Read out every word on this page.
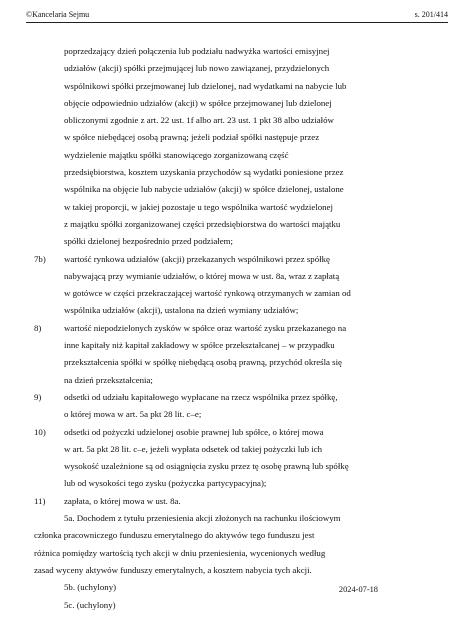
©Kancelaria Sejmu	s. 201/414
poprzedzający dzień połączenia lub podziału nadwyżka wartości emisyjnej
udziałów (akcji) spółki przejmującej lub nowo zawiązanej, przydzielonych
wspólnikowi spółki przejmowanej lub dzielonej, nad wydatkami na nabycie lub
objęcie odpowiednio udziałów (akcji) w spółce przejmowanej lub dzielonej
obliczonymi zgodnie z art. 22 ust. 1f albo art. 23 ust. 1 pkt 38 albo udziałów
w spółce niebędącej osobą prawną; jeżeli podział spółki następuje przez
wydzielenie majątku spółki stanowiącego zorganizowaną część
przedsiębiorstwa, kosztem uzyskania przychodów są wydatki poniesione przez
wspólnika na objęcie lub nabycie udziałów (akcji) w spółce dzielonej, ustalone
w takiej proporcji, w jakiej pozostaje u tego wspólnika wartość wydzielonej
z majątku spółki zorganizowanej części przedsiębiorstwa do wartości majątku
spółki dzielonej bezpośrednio przed podziałem;
7b)	wartość rynkowa udziałów (akcji) przekazanych wspólnikowi przez spółkę
nabywającą przy wymianie udziałów, o której mowa w ust. 8a, wraz z zapłatą
w gotówce w części przekraczającej wartość rynkową otrzymanych w zamian od
wspólnika udziałów (akcji), ustalona na dzień wymiany udziałów;
8)	wartość niepodzielonych zysków w spółce oraz wartość zysku przekazanego na
inne kapitały niż kapitał zakładowy w spółce przekształcanej – w przypadku
przekształcenia spółki w spółkę niebędącą osobą prawną, przychód określa się
na dzień przekształcenia;
9)	odsetki od udziału kapitałowego wypłacane na rzecz wspólnika przez spółkę,
o której mowa w art. 5a pkt 28 lit. c–e;
10)	odsetki od pożyczki udzielonej osobie prawnej lub spółce, o której mowa
w art. 5a pkt 28 lit. c–e, jeżeli wypłata odsetek od takiej pożyczki lub ich
wysokość uzależnione są od osiągnięcia zysku przez tę osobę prawną lub spółkę
lub od wysokości tego zysku (pożyczka partycypacyjna);
11)	zapłata, o której mowa w ust. 8a.
5a. Dochodem z tytułu przeniesienia akcji złożonych na rachunku ilościowym
członka pracowniczego funduszu emerytalnego do aktywów tego funduszu jest
różnica pomiędzy wartością tych akcji w dniu przeniesienia, wycenionych według
zasad wyceny aktywów funduszy emerytalnych, a kosztem nabycia tych akcji.
5b. (uchylony)
5c. (uchylony)
2024-07-18
